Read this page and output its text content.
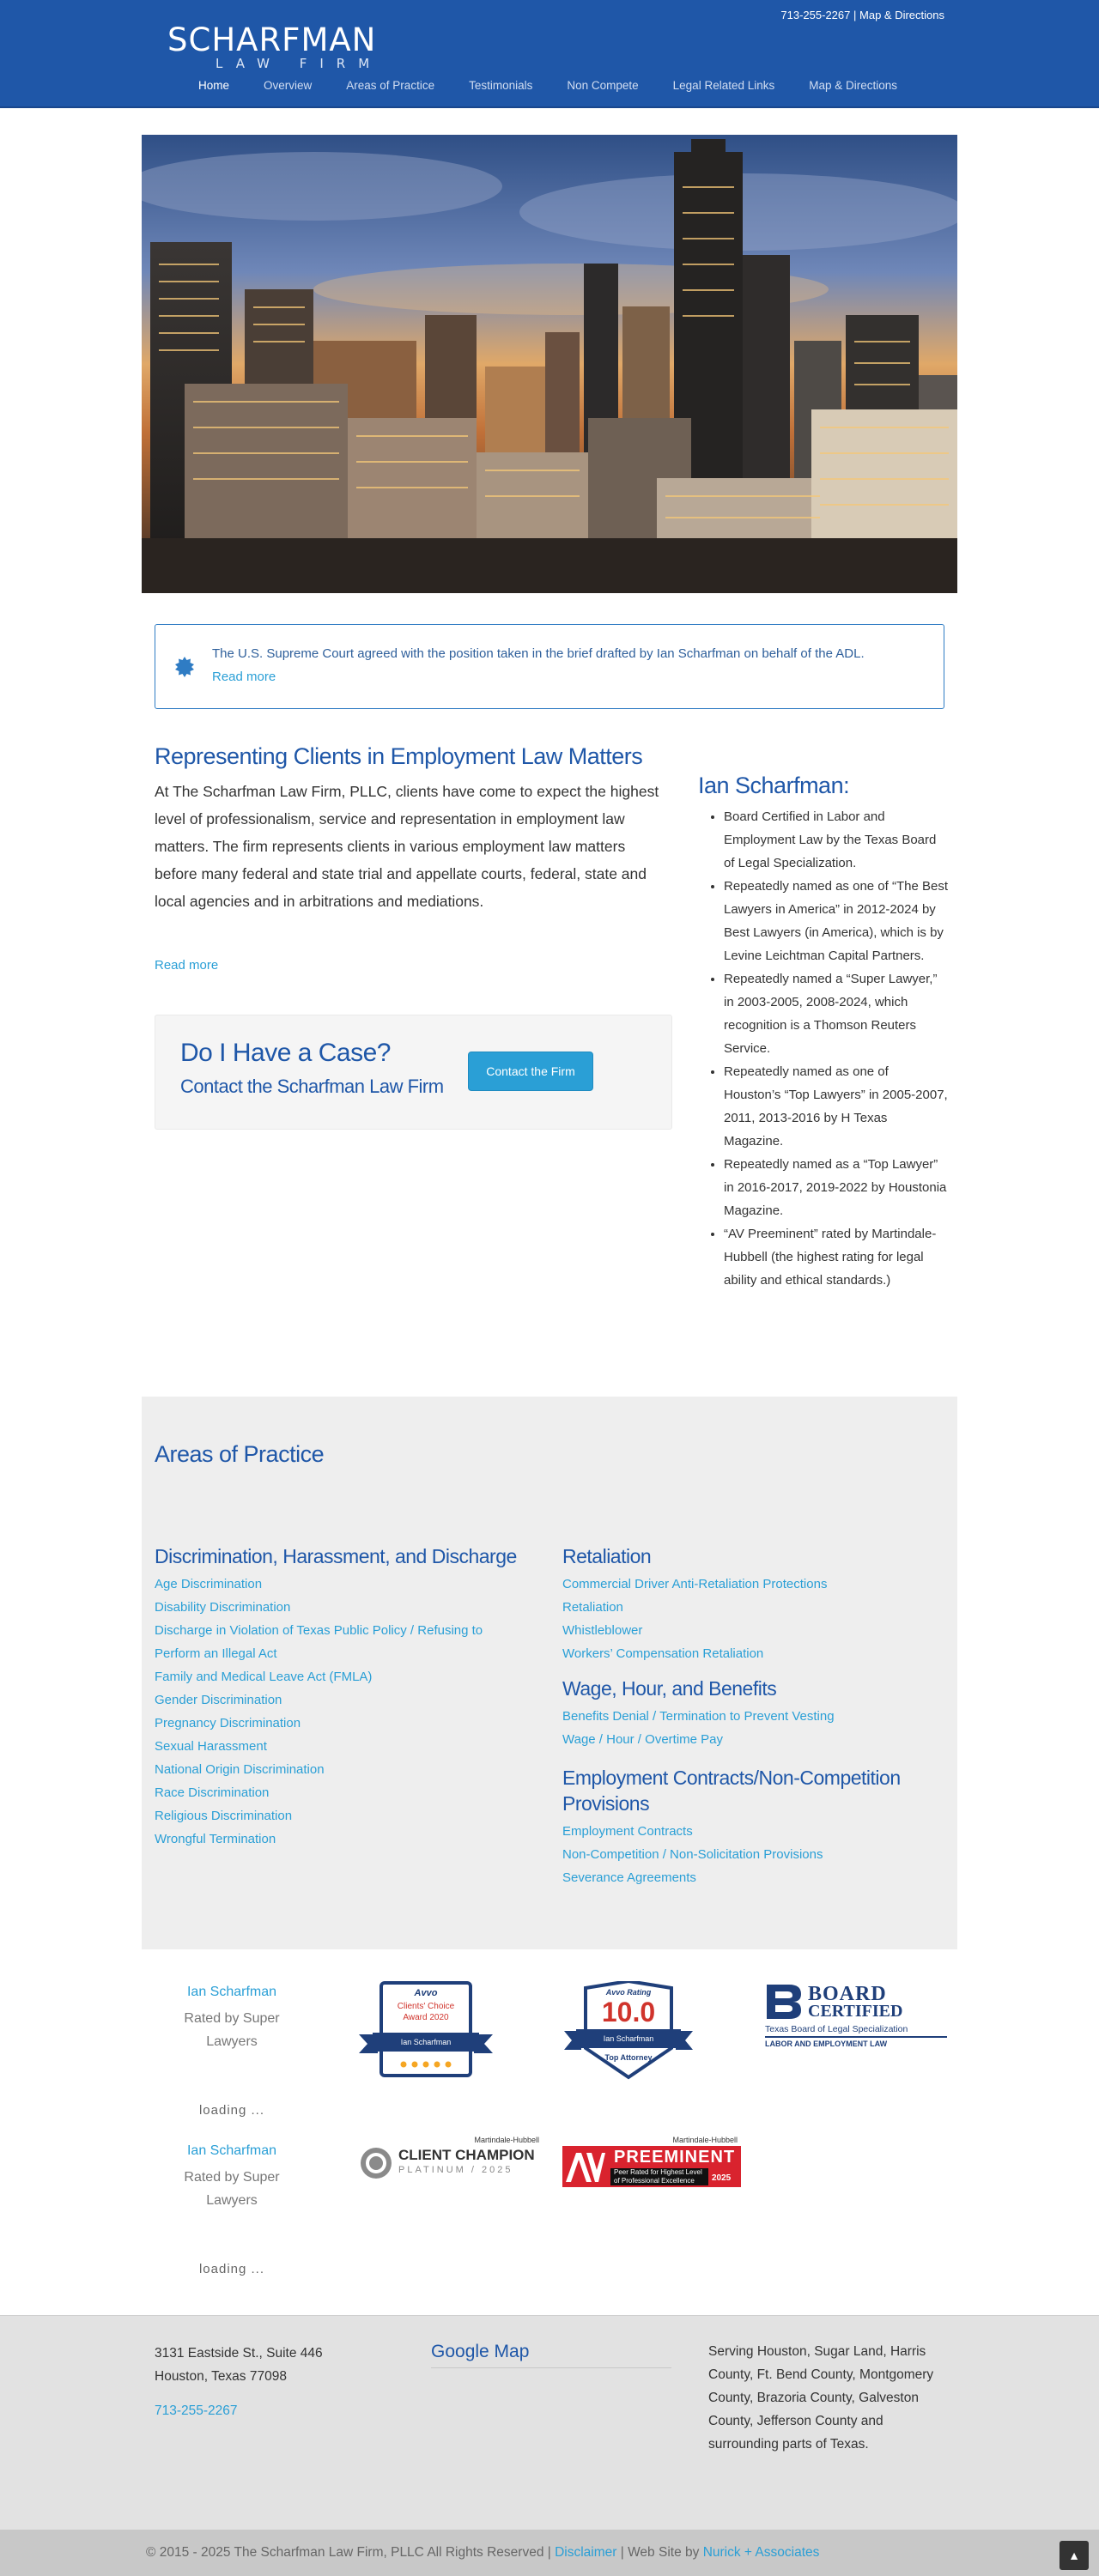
SCHARFMAN
LAW FIRM
713-255-2267 | Map & Directions
Home	Overview	Areas of Practice	Testimonials	Non Compete	Legal Related Links	Map & Directions
The U.S. Supreme Court agreed with the position taken in the brief drafted by Ian Scharfman on behalf of the ADL.
Read more
Representing Clients in Employment Law Matters
At The Scharfman Law Firm, PLLC, clients have come to expect the highest level of professionalism, service and representation in employment law matters. The firm represents clients in various employment law matters before many federal and state trial and appellate courts, federal, state and local agencies and in arbitrations and mediations.
Read more
Do I Have a Case?
Contact the Scharfman Law Firm
Contact the Firm
Ian Scharfman:
• Board Certified in Labor and Employment Law by the Texas Board of Legal Specialization.
• Repeatedly named as one of “The Best Lawyers in America” in 2012-2024 by Best Lawyers (in America), which is by Levine Leichtman Capital Partners.
• Repeatedly named a “Super Lawyer,” in 2003-2005, 2008-2024, which recognition is a Thomson Reuters Service.
• Repeatedly named as one of Houston’s “Top Lawyers” in 2005-2007, 2011, 2013-2016 by H Texas Magazine.
• Repeatedly named as a “Top Lawyer” in 2016-2017, 2019-2022 by Houstonia Magazine.
• “AV Preeminent” rated by Martindale-Hubbell (the highest rating for legal ability and ethical standards.)
Areas of Practice
Discrimination, Harassment, and Discharge
Age Discrimination
Disability Discrimination
Discharge in Violation of Texas Public Policy / Refusing to Perform an Illegal Act
Family and Medical Leave Act (FMLA)
Gender Discrimination
Pregnancy Discrimination
Sexual Harassment
National Origin Discrimination
Race Discrimination
Religious Discrimination
Wrongful Termination
Retaliation
Commercial Driver Anti-Retaliation Protections
Retaliation
Whistleblower
Workers’ Compensation Retaliation
Wage, Hour, and Benefits
Benefits Denial / Termination to Prevent Vesting
Wage / Hour / Overtime Pay
Employment Contracts/Non-Competition Provisions
Employment Contracts
Non-Competition / Non-Solicitation Provisions
Severance Agreements
Ian Scharfman
Rated by Super Lawyers
loading ...
Ian Scharfman
Rated by Super Lawyers
loading ...
Avvo
Clients' Choice
Award 2020
Ian Scharfman
Avvo Rating
10.0
Ian Scharfman
Top Attorney
BOARD
CERTIFIED
Texas Board of Legal Specialization
LABOR AND EMPLOYMENT LAW
Martindale-Hubbell
CLIENT CHAMPION
PLATINUM / 2025
Martindale-Hubbell
PREEMINENT
Peer Rated for Highest Level
of Professional Excellence 2025
3131 Eastside St., Suite 446
Houston, Texas 77098
713-255-2267
Google Map	Serving Houston, Sugar Land, Harris County, Ft. Bend County, Montgomery County, Brazoria County, Galveston County, Jefferson County and surrounding parts of Texas.
© 2015 - 2025 The Scharfman Law Firm, PLLC All Rights Reserved | Disclaimer | Web Site by Nurick + Associates	▲
